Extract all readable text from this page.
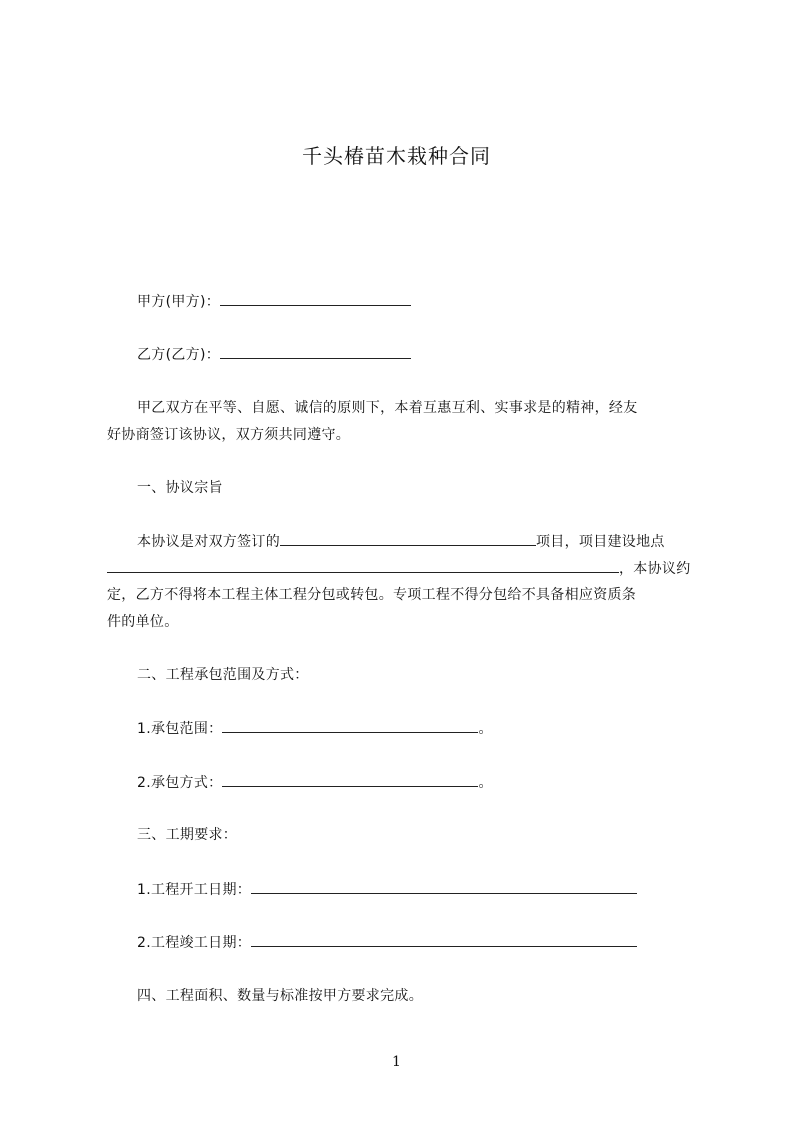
千头椿苗木栽种合同
甲方(甲方)：
乙方(乙方)：
甲乙双方在平等、自愿、诚信的原则下，本着互惠互利、实事求是的精神，经友
好协商签订该协议，双方须共同遵守。
一、协议宗旨
本协议是对双方签订的	项目，项目建设地点
，本协议约
定，乙方不得将本工程主体工程分包或转包。专项工程不得分包给不具备相应资质条
件的单位。
二、工程承包范围及方式：
1.承包范围：	。
2.承包方式：	。
三、工期要求：
1.工程开工日期：
2.工程竣工日期：
四、工程面积、数量与标准按甲方要求完成。
1
